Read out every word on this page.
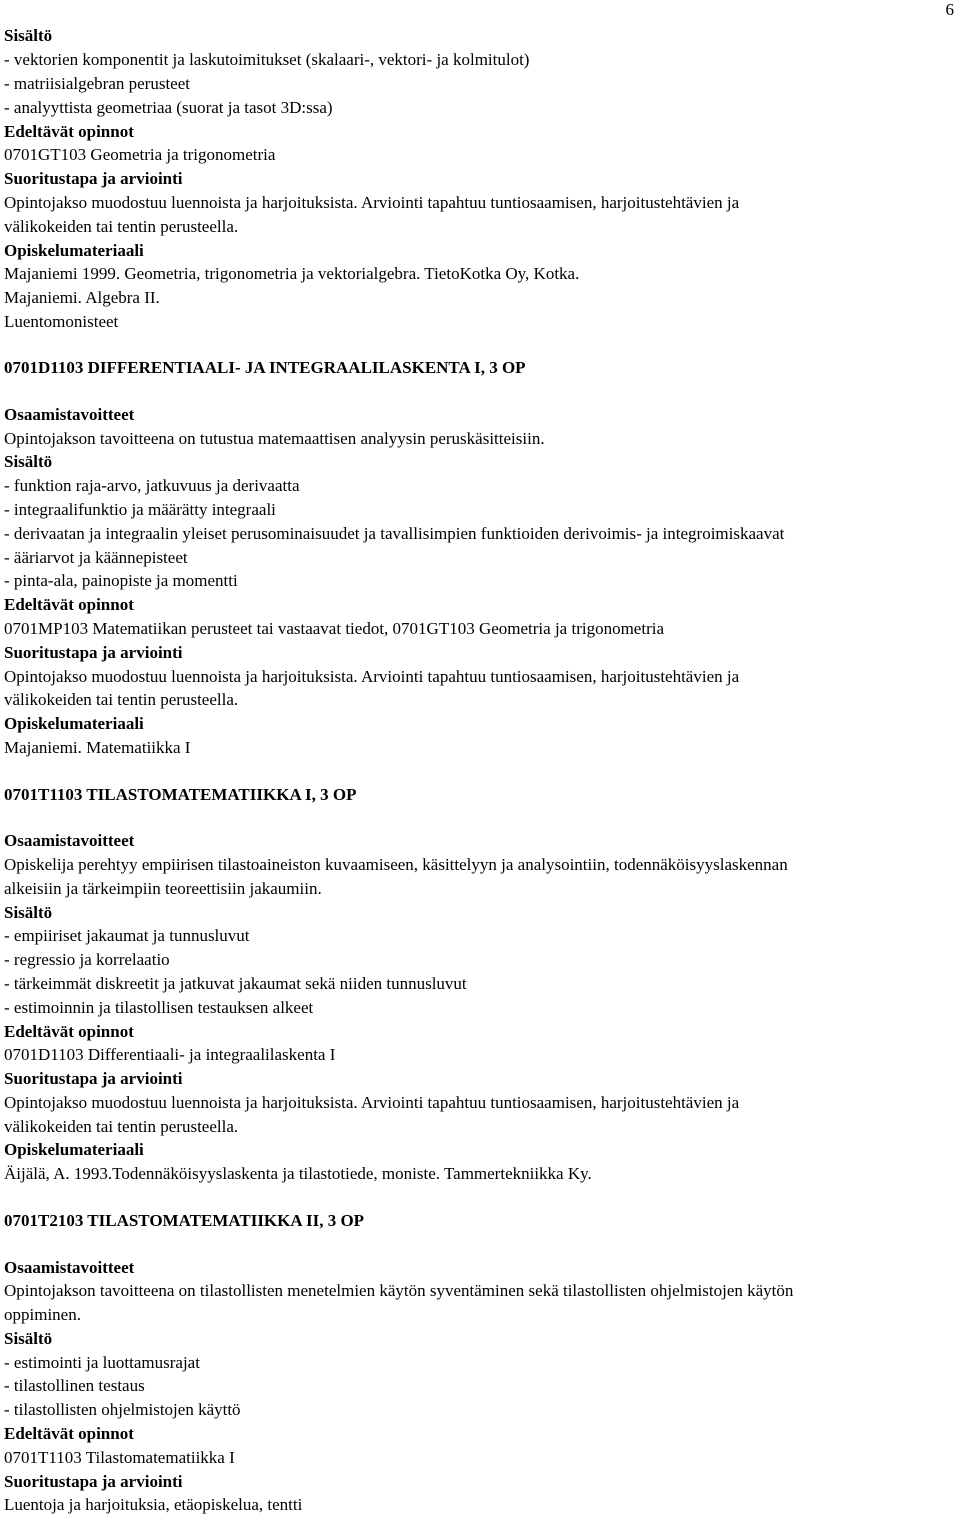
6
Sisältö
- vektorien komponentit ja laskutoimitukset (skalaari-, vektori- ja kolmitulot)
- matriisialgebran perusteet
- analyyttista geometriaa (suorat ja tasot 3D:ssa)
Edeltävät opinnot
0701GT103 Geometria ja trigonometria
Suoritustapa ja arviointi
Opintojakso muodostuu luennoista ja harjoituksista. Arviointi tapahtuu tuntiosaamisen, harjoitustehtävien ja
välikokeiden tai tentin perusteella.
Opiskelumateriaali
Majaniemi 1999. Geometria, trigonometria ja vektorialgebra. TietoKotka Oy, Kotka.
Majaniemi. Algebra II.
Luentomonisteet
0701D1103 DIFFERENTIAALI- JA INTEGRAALILASKENTA I, 3 OP
Osaamistavoitteet
Opintojakson tavoitteena on tutustua matemaattisen analyysin peruskäsitteisiin.
Sisältö
- funktion raja-arvo, jatkuvuus ja derivaatta
- integraalifunktio ja määrätty integraali
- derivaatan ja integraalin yleiset perusominaisuudet ja tavallisimpien funktioiden derivoimis- ja integroimiskaavat
- ääriarvot ja käännepisteet
- pinta-ala, painopiste ja momentti
Edeltävät opinnot
0701MP103 Matematiikan perusteet tai vastaavat tiedot, 0701GT103 Geometria ja trigonometria
Suoritustapa ja arviointi
Opintojakso muodostuu luennoista ja harjoituksista. Arviointi tapahtuu tuntiosaamisen, harjoitustehtävien ja
välikokeiden tai tentin perusteella.
Opiskelumateriaali
Majaniemi. Matematiikka I
0701T1103 TILASTOMATEMATIIKKA I, 3 OP
Osaamistavoitteet
Opiskelija perehtyy empiirisen tilastoaineiston kuvaamiseen, käsittelyyn ja analysointiin, todennäköisyyslaskennan
alkeisiin ja tärkeimpiin teoreettisiin jakaumiin.
Sisältö
- empiiriset jakaumat ja tunnusluvut
- regressio ja korrelaatio
- tärkeimmät diskreetit ja jatkuvat jakaumat sekä niiden tunnusluvut
- estimoinnin ja tilastollisen testauksen alkeet
Edeltävät opinnot
0701D1103 Differentiaali- ja integraalilaskenta I
Suoritustapa ja arviointi
Opintojakso muodostuu luennoista ja harjoituksista. Arviointi tapahtuu tuntiosaamisen, harjoitustehtävien ja
välikokeiden tai tentin perusteella.
Opiskelumateriaali
Äijälä, A. 1993.Todennäköisyyslaskenta ja tilastotiede, moniste. Tammertekniikka Ky.
0701T2103 TILASTOMATEMATIIKKA II, 3 OP
Osaamistavoitteet
Opintojakson tavoitteena on tilastollisten menetelmien käytön syventäminen sekä tilastollisten ohjelmistojen käytön
oppiminen.
Sisältö
- estimointi ja luottamusrajat
- tilastollinen testaus
- tilastollisten ohjelmistojen käyttö
Edeltävät opinnot
0701T1103 Tilastomatematiikka I
Suoritustapa ja arviointi
Luentoja ja harjoituksia, etäopiskelua, tentti
